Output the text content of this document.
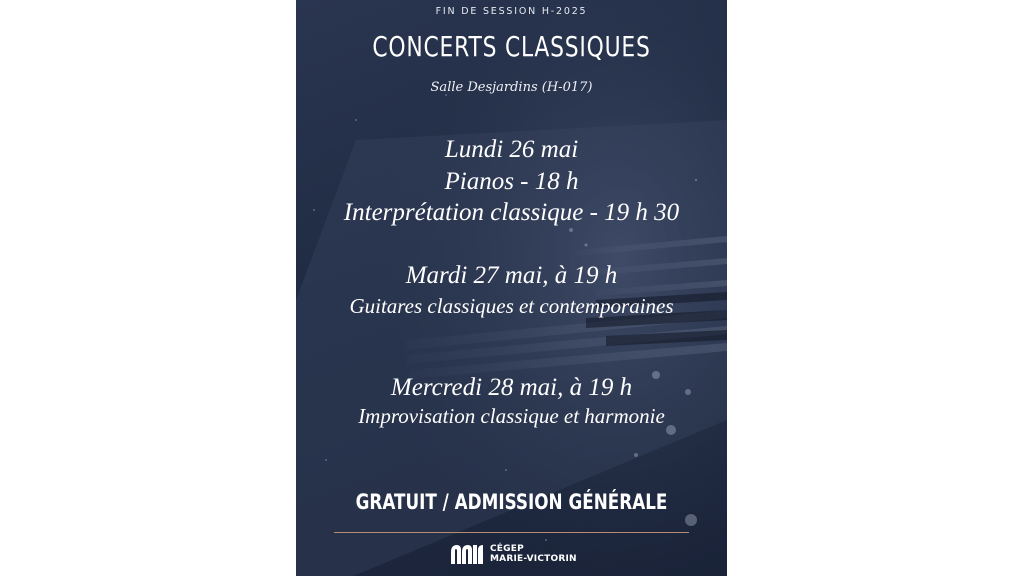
FIN DE SESSION H-2025
CONCERTS CLASSIQUES
Salle Desjardins (H-017)
Lundi 26 mai
Pianos - 18 h
Interprétation classique - 19 h 30
Mardi 27 mai, à 19 h
Guitares classiques et contemporaines
Mercredi 28 mai, à 19 h
Improvisation classique et harmonie
GRATUIT / ADMISSION GÉNÉRALE
CÉGEP
MARIE-VICTORIN
